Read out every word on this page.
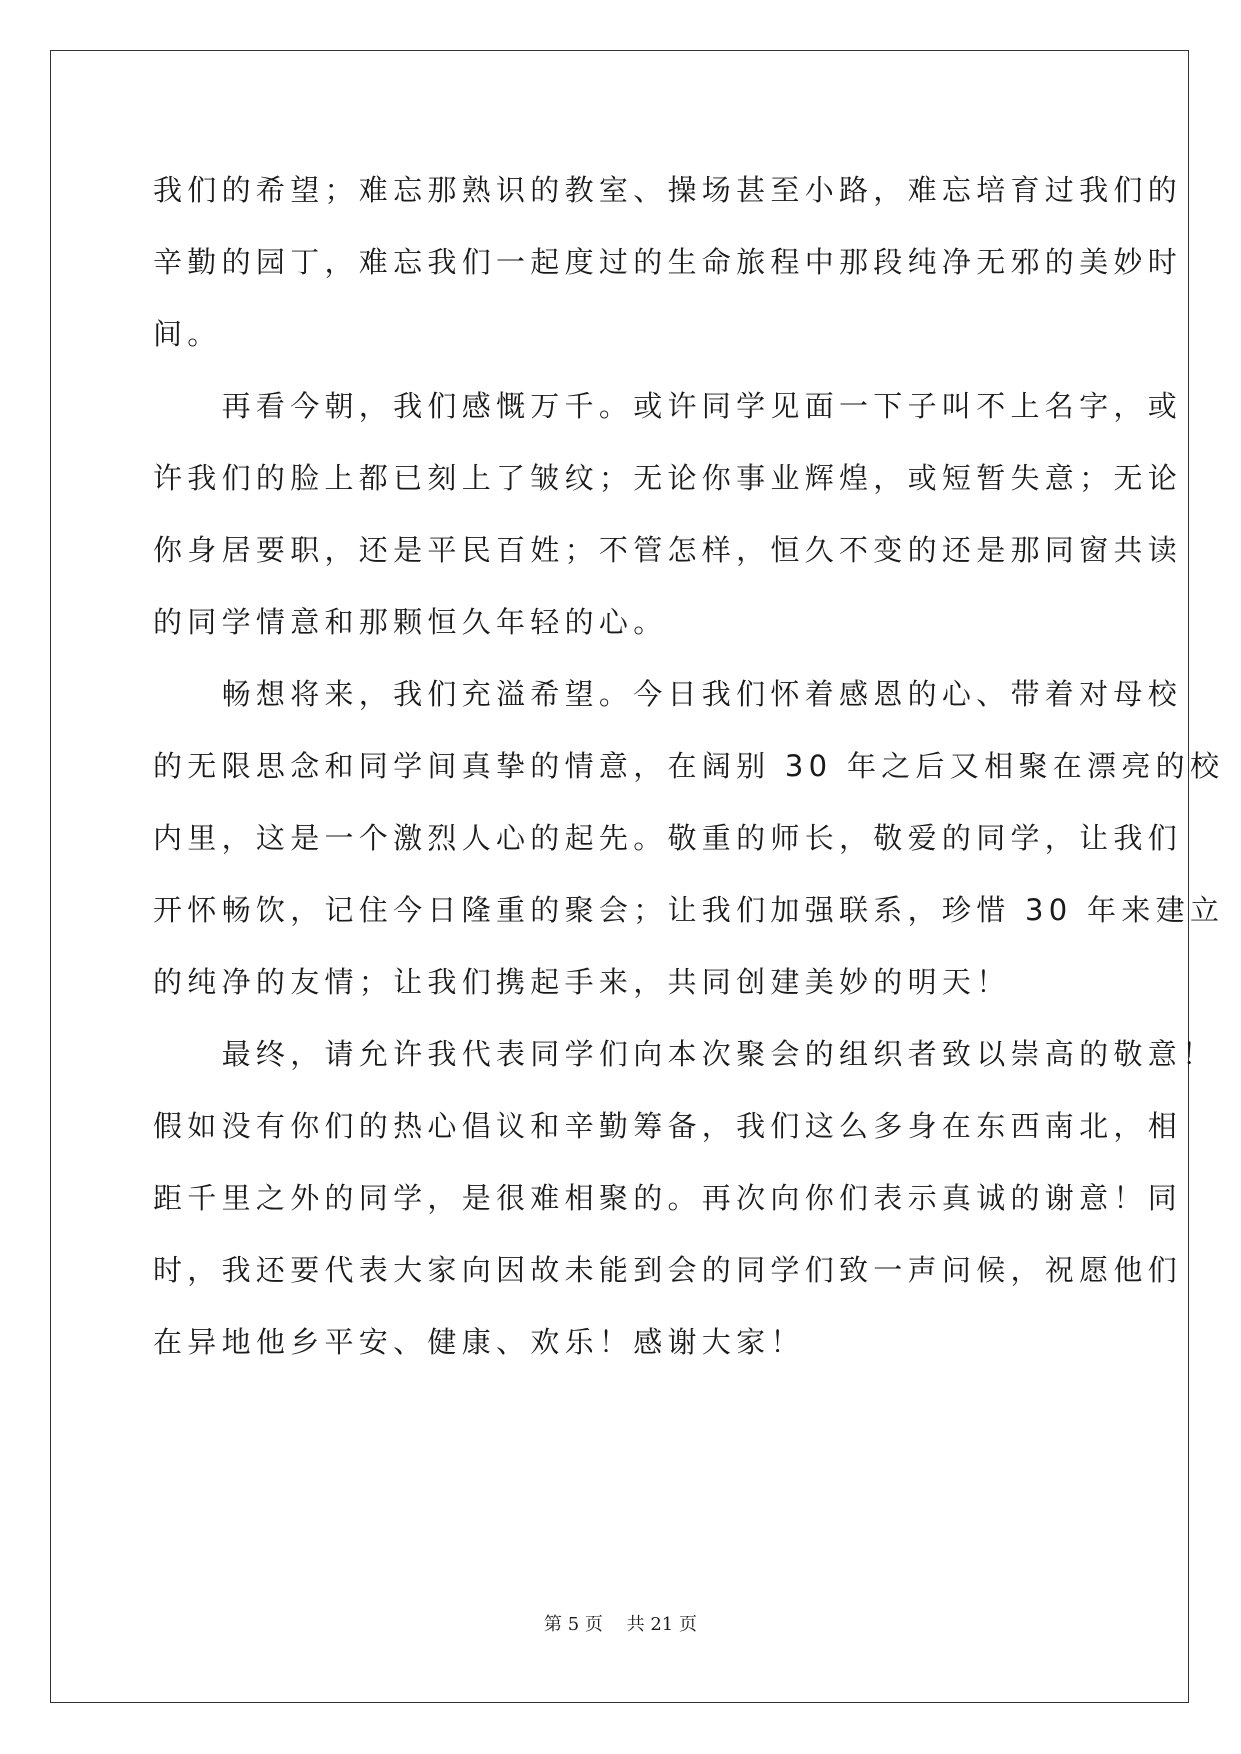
我们的希望；难忘那熟识的教室、操场甚至小路，难忘培育过我们的
辛勤的园丁，难忘我们一起度过的生命旅程中那段纯净无邪的美妙时
间。
　　再看今朝，我们感慨万千。或许同学见面一下子叫不上名字，或
许我们的脸上都已刻上了皱纹；无论你事业辉煌，或短暂失意；无论
你身居要职，还是平民百姓；不管怎样，恒久不变的还是那同窗共读
的同学情意和那颗恒久年轻的心。
　　畅想将来，我们充溢希望。今日我们怀着感恩的心、带着对母校
的无限思念和同学间真挚的情意，在阔别 30 年之后又相聚在漂亮的校
内里，这是一个激烈人心的起先。敬重的师长，敬爱的同学，让我们
开怀畅饮，记住今日隆重的聚会；让我们加强联系，珍惜 30 年来建立
的纯净的友情；让我们携起手来，共同创建美妙的明天！
　　最终，请允许我代表同学们向本次聚会的组织者致以崇高的敬意！
假如没有你们的热心倡议和辛勤筹备，我们这么多身在东西南北，相
距千里之外的同学，是很难相聚的。再次向你们表示真诚的谢意！同
时，我还要代表大家向因故未能到会的同学们致一声问候，祝愿他们
在异地他乡平安、健康、欢乐！感谢大家！
第 5 页　 共 21 页
